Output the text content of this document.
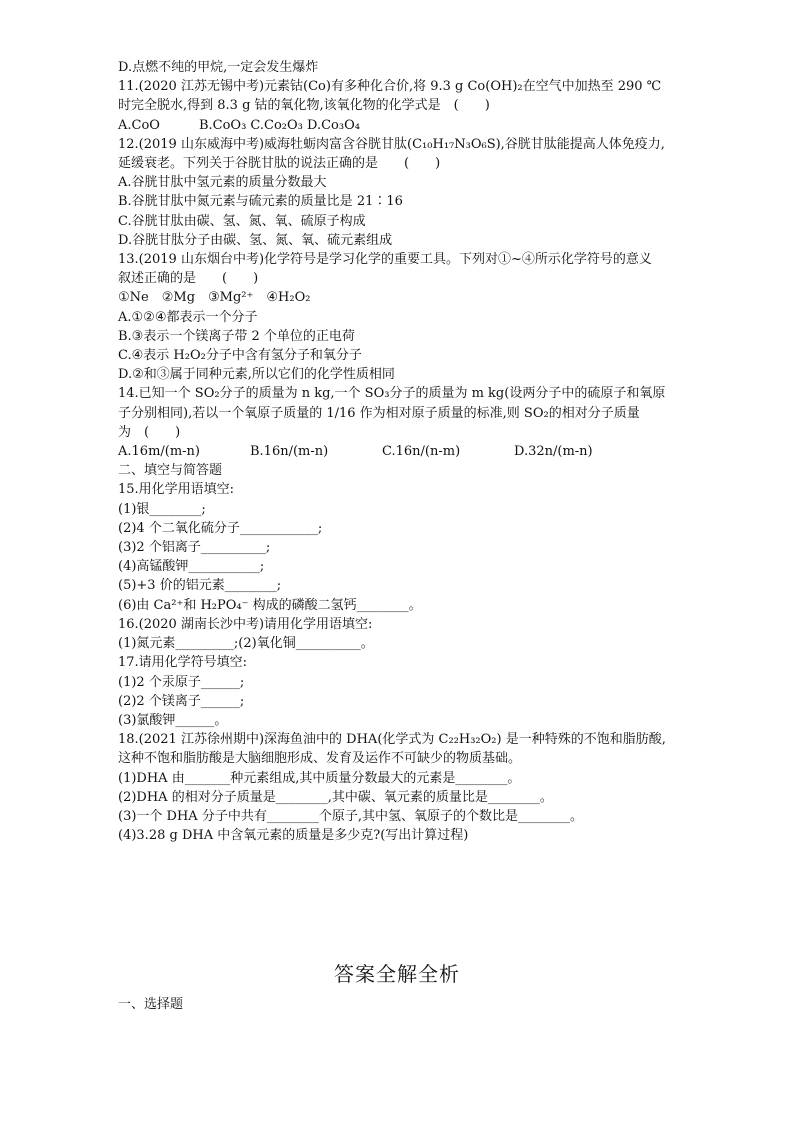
D.点燃不纯的甲烷,一定会发生爆炸
11.(2020 江苏无锡中考)元素钴(Co)有多种化合价,将 9.3 g Co(OH)₂在空气中加热至 290 ℃
时完全脱水,得到 8.3 g 钴的氧化物,该氧化物的化学式是　(　　)
A.CoO　　　B.CoO₃ C.Co₂O₃ D.Co₃O₄
12.(2019 山东威海中考)威海牡蛎肉富含谷胱甘肽(C₁₀H₁₇N₃O₆S),谷胱甘肽能提高人体免疫力,
延缓衰老。下列关于谷胱甘肽的说法正确的是　　(　　)
A.谷胱甘肽中氢元素的质量分数最大
B.谷胱甘肽中氮元素与硫元素的质量比是 21∶16
C.谷胱甘肽由碳、氢、氮、氧、硫原子构成
D.谷胱甘肽分子由碳、氢、氮、氧、硫元素组成
13.(2019 山东烟台中考)化学符号是学习化学的重要工具。下列对①~④所示化学符号的意义
叙述正确的是　　(　　)
①Ne　②Mg　③Mg²⁺　④H₂O₂
A.①②④都表示一个分子
B.③表示一个镁离子带 2 个单位的正电荷
C.④表示 H₂O₂分子中含有氢分子和氧分子
D.②和③属于同种元素,所以它们的化学性质相同
14.已知一个 SO₂分子的质量为 n kg,一个 SO₃分子的质量为 m kg(设两分子中的硫原子和氧原
子分别相同),若以一个氧原子质量的 1/16 作为相对原子质量的标准,则 SO₂的相对分子质量
为　(　　)
A.16m/(m-n)	B.16n/(m-n)	C.16n/(n-m)	D.32n/(m-n)
二、填空与简答题
15.用化学用语填空:
(1)银________;
(2)4 个二氧化硫分子____________;
(3)2 个铝离子__________;
(4)高锰酸钾___________;
(5)+3 价的铝元素________;
(6)由 Ca²⁺和 H₂PO₄⁻ 构成的磷酸二氢钙________。
16.(2020 湖南长沙中考)请用化学用语填空:
(1)氮元素_________;(2)氧化铜__________。
17.请用化学符号填空:
(1)2 个汞原子______;
(2)2 个镁离子______;
(3)氯酸钾______。
18.(2021 江苏徐州期中)深海鱼油中的 DHA(化学式为 C₂₂H₃₂O₂) 是一种特殊的不饱和脂肪酸,
这种不饱和脂肪酸是大脑细胞形成、发育及运作不可缺少的物质基础。
(1)DHA 由_______种元素组成,其中质量分数最大的元素是________。
(2)DHA 的相对分子质量是________,其中碳、氧元素的质量比是________。
(3)一个 DHA 分子中共有________个原子,其中氢、氧原子的个数比是________。
(4)3.28 g DHA 中含氧元素的质量是多少克?(写出计算过程)
答案全解全析
一、选择题
